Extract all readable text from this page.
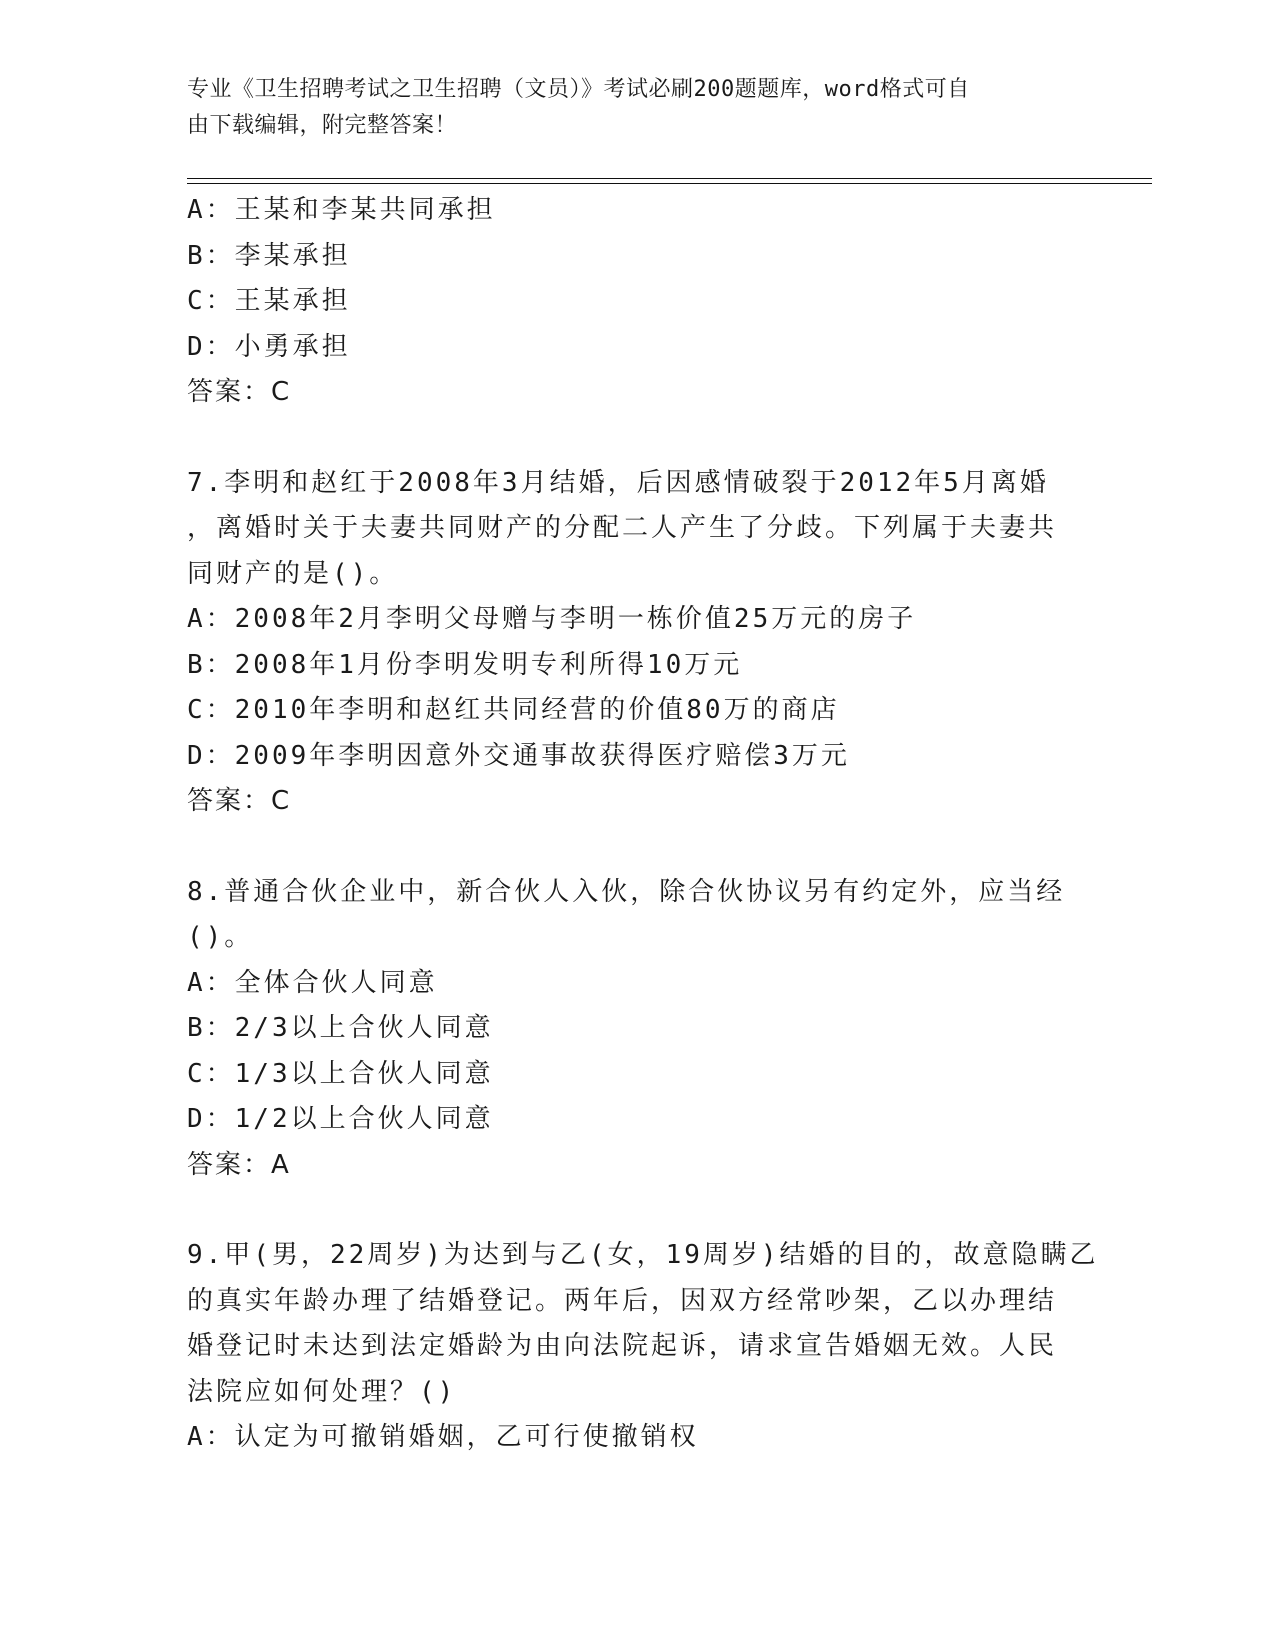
专业《卫生招聘考试之卫生招聘（文员）》考试必刷200题题库，word格式可自
由下载编辑，附完整答案！
A：王某和李某共同承担
B：李某承担
C：王某承担
D：小勇承担
答案：C
7.李明和赵红于2008年3月结婚，后因感情破裂于2012年5月离婚
，离婚时关于夫妻共同财产的分配二人产生了分歧。下列属于夫妻共
同财产的是()。
A：2008年2月李明父母赠与李明一栋价值25万元的房子
B：2008年1月份李明发明专利所得10万元
C：2010年李明和赵红共同经营的价值80万的商店
D：2009年李明因意外交通事故获得医疗赔偿3万元
答案：C
8.普通合伙企业中，新合伙人入伙，除合伙协议另有约定外，应当经
()。
A：全体合伙人同意
B：2/3以上合伙人同意
C：1/3以上合伙人同意
D：1/2以上合伙人同意
答案：A
9.甲(男，22周岁)为达到与乙(女，19周岁)结婚的目的，故意隐瞒乙
的真实年龄办理了结婚登记。两年后，因双方经常吵架，乙以办理结
婚登记时未达到法定婚龄为由向法院起诉，请求宣告婚姻无效。人民
法院应如何处理？()
A：认定为可撤销婚姻，乙可行使撤销权
